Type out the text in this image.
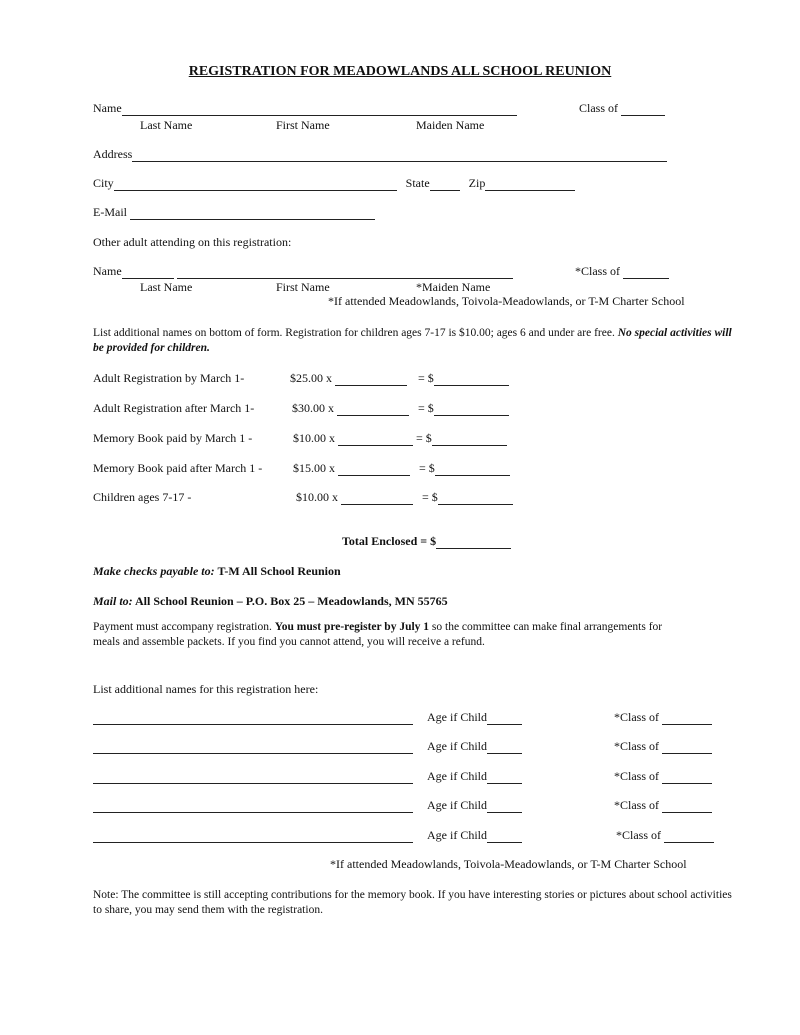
REGISTRATION FOR MEADOWLANDS ALL SCHOOL REUNION
Name	Class of
Last Name	First Name	Maiden Name
Address
City	State	Zip
E-Mail
Other adult attending on this registration:
Name	*Class of
Last Name	First Name	*Maiden Name
*If attended Meadowlands, Toivola-Meadowlands, or T-M Charter School
List additional names on bottom of form. Registration for children ages 7-17 is $10.00; ages 6 and under are free. No special activities will be provided for children.
Adult Registration by March 1-	$25.00 x	= $
Adult Registration after March 1-	$30.00 x	= $
Memory Book paid by March 1 -	$10.00 x	= $
Memory Book paid after March 1 -	$15.00 x	= $
Children ages 7-17 -	$10.00 x	= $
Total Enclosed = $
Make checks payable to: T-M All School Reunion
Mail to: All School Reunion – P.O. Box 25 – Meadowlands, MN 55765
Payment must accompany registration. You must pre-register by July 1 so the committee can make final arrangements for meals and assemble packets. If you find you cannot attend, you will receive a refund.
List additional names for this registration here:
Age if Child	*Class of
Age if Child	*Class of
Age if Child	*Class of
Age if Child	*Class of
Age if Child	*Class of
*If attended Meadowlands, Toivola-Meadowlands, or T-M Charter School
Note: The committee is still accepting contributions for the memory book. If you have interesting stories or pictures about school activities to share, you may send them with the registration.
